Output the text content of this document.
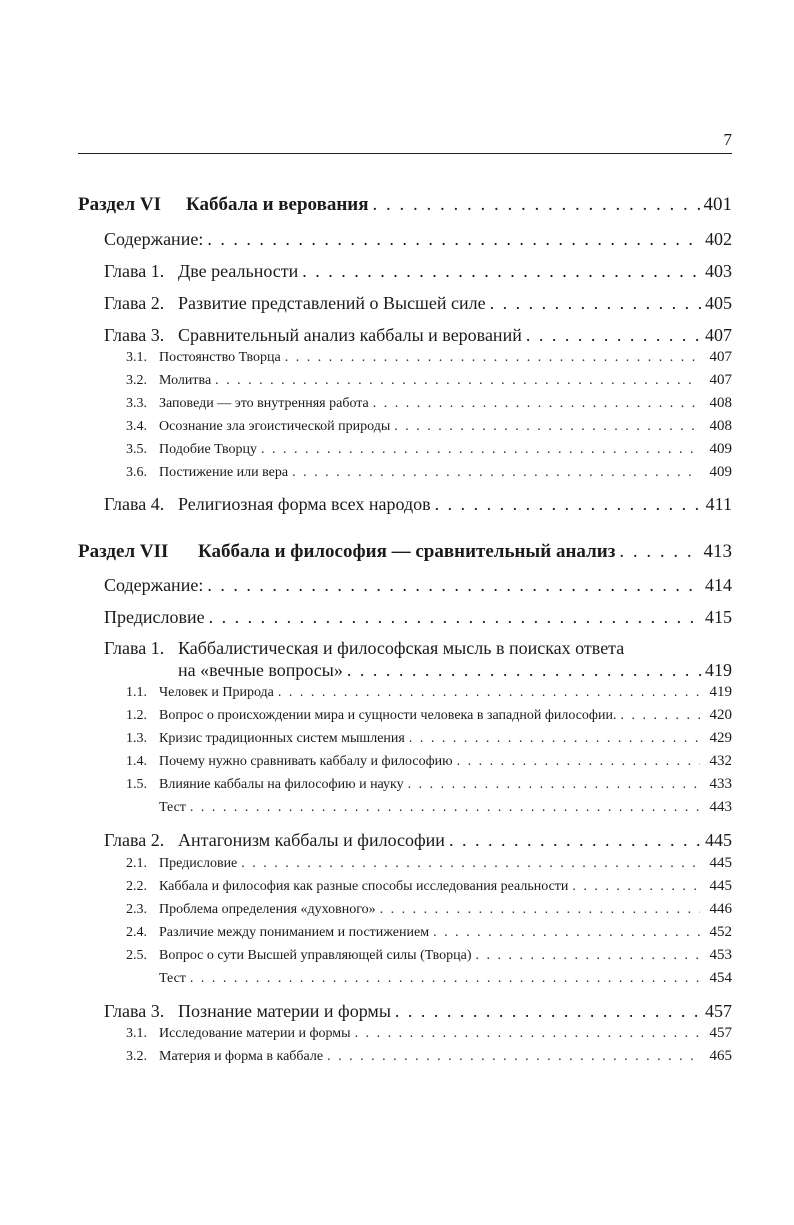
7
Раздел VI	Каббала и верования . . .	401
Содержание: . . .	402
Глава 1. Две реальности . . .	403
Глава 2. Развитие представлений о Высшей силе . . .	405
Глава 3. Сравнительный анализ каббалы и верований . . .	407
3.1. Постоянство Творца . . .	407
3.2. Молитва . . .	407
3.3. Заповеди — это внутренняя работа . . .	408
3.4. Осознание зла эгоистической природы . . .	408
3.5. Подобие Творцу . . .	409
3.6. Постижение или вера . . .	409
Глава 4. Религиозная форма всех народов . . .	411
Раздел VII	Каббала и философия — сравнительный анализ . . .	413
Содержание: . . .	414
Предисловие . . .	415
Глава 1. Каббалистическая и философская мысль в поисках ответа
на «вечные вопросы» . . .	419
1.1. Человек и Природа . . .	419
1.2. Вопрос о происхождении мира и сущности человека в западной философии. . . .	420
1.3. Кризис традиционных систем мышления . . .	429
1.4. Почему нужно сравнивать каббалу и философию . . .	432
1.5. Влияние каббалы на философию и науку . . .	433
Тест . . .	443
Глава 2. Антагонизм каббалы и философии . . .	445
2.1. Предисловие . . .	445
2.2. Каббала и философия как разные способы исследования реальности . . .	445
2.3. Проблема определения «духовного» . . .	446
2.4. Различие между пониманием и постижением . . .	452
2.5. Вопрос о сути Высшей управляющей силы (Творца) . . .	453
Тест . . .	454
Глава 3. Познание материи и формы . . .	457
3.1. Исследование материи и формы . . .	457
3.2. Материя и форма в каббале . . .	465
